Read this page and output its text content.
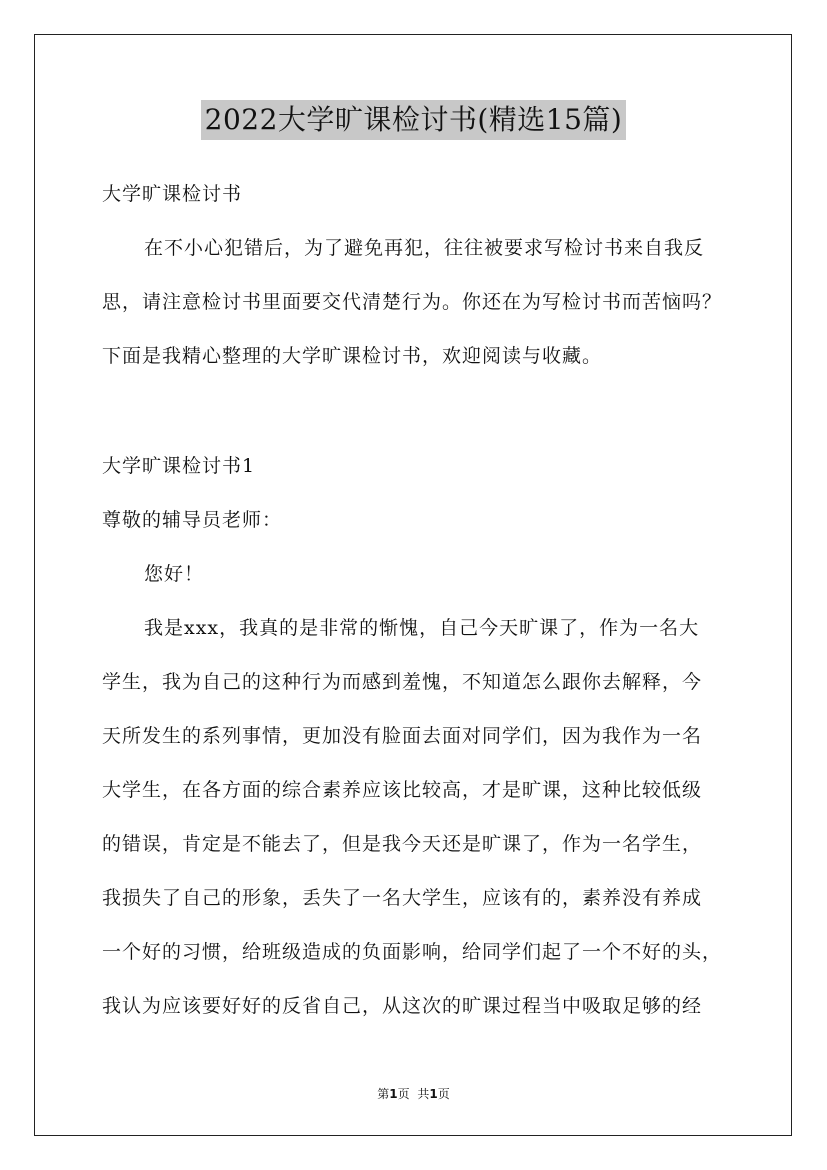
2022大学旷课检讨书(精选15篇)
大学旷课检讨书
在不小心犯错后，为了避免再犯，往往被要求写检讨书来自我反
思，请注意检讨书里面要交代清楚行为。你还在为写检讨书而苦恼吗？
下面是我精心整理的大学旷课检讨书，欢迎阅读与收藏。
大学旷课检讨书1
尊敬的辅导员老师：
您好！
我是xxx，我真的是非常的惭愧，自己今天旷课了，作为一名大
学生，我为自己的这种行为而感到羞愧，不知道怎么跟你去解释，今
天所发生的系列事情，更加没有脸面去面对同学们，因为我作为一名
大学生，在各方面的综合素养应该比较高，才是旷课，这种比较低级
的错误，肯定是不能去了，但是我今天还是旷课了，作为一名学生，
我损失了自己的形象，丢失了一名大学生，应该有的，素养没有养成
一个好的习惯，给班级造成的负面影响，给同学们起了一个不好的头，
我认为应该要好好的反省自己，从这次的旷课过程当中吸取足够的经
第1页 共1页
